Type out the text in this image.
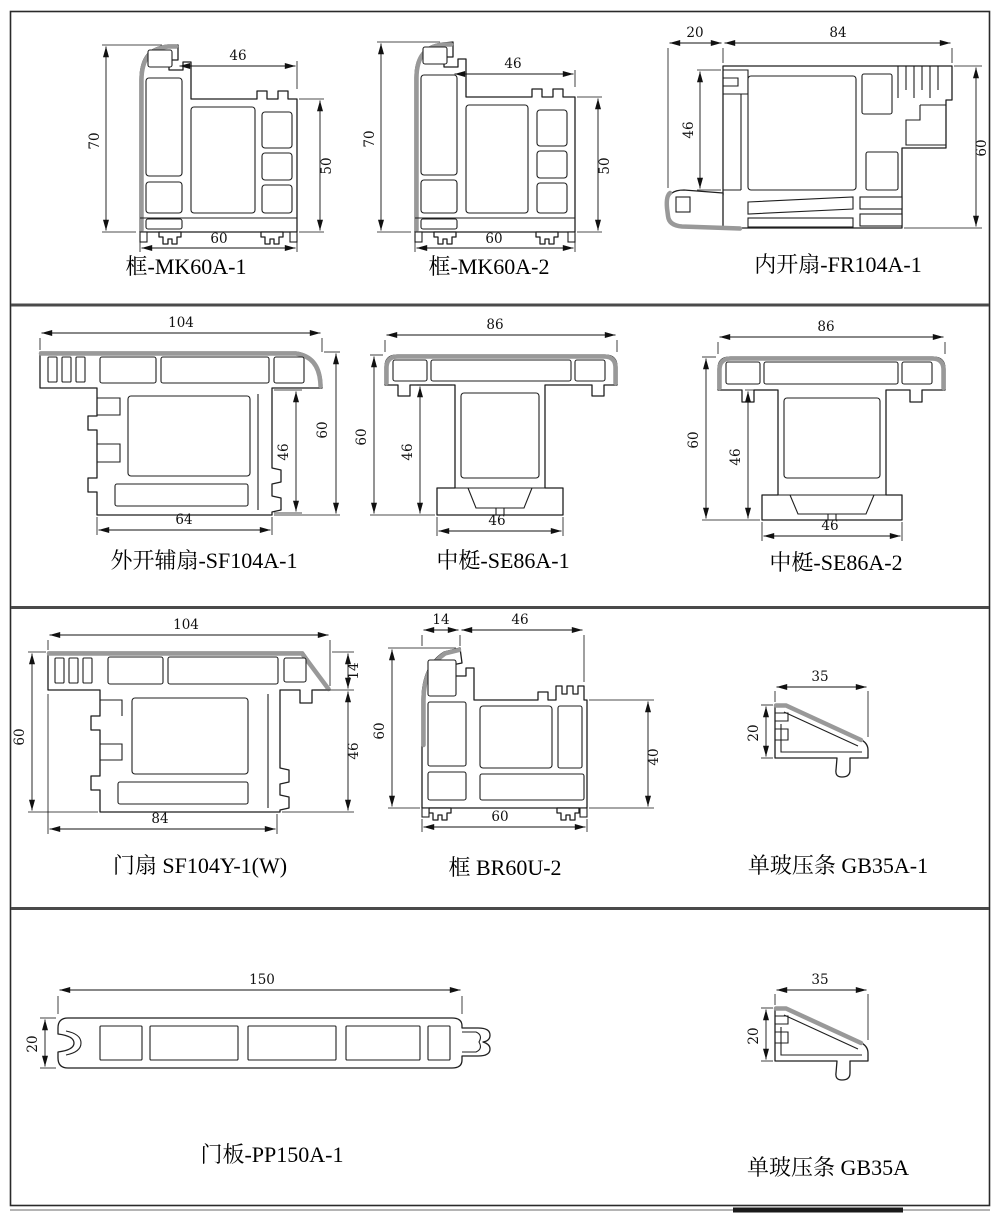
70
46
50
60
框-MK60A-1
70
46
50
60
框-MK60A-2
20	84
46
60
内开扇-FR104A-1
104
46
60
64
外开辅扇-SF104A-1
86
60
46
46
中梃-SE86A-1
86
60
46
46
中梃-SE86A-2
104
60
14
46
84
门扇 SF104Y-1(W)
14	46
60
40
60
框 BR60U-2
35
20
单玻压条 GB35A-1
150
20
门板-PP150A-1
35
20
单玻压条 GB35A
